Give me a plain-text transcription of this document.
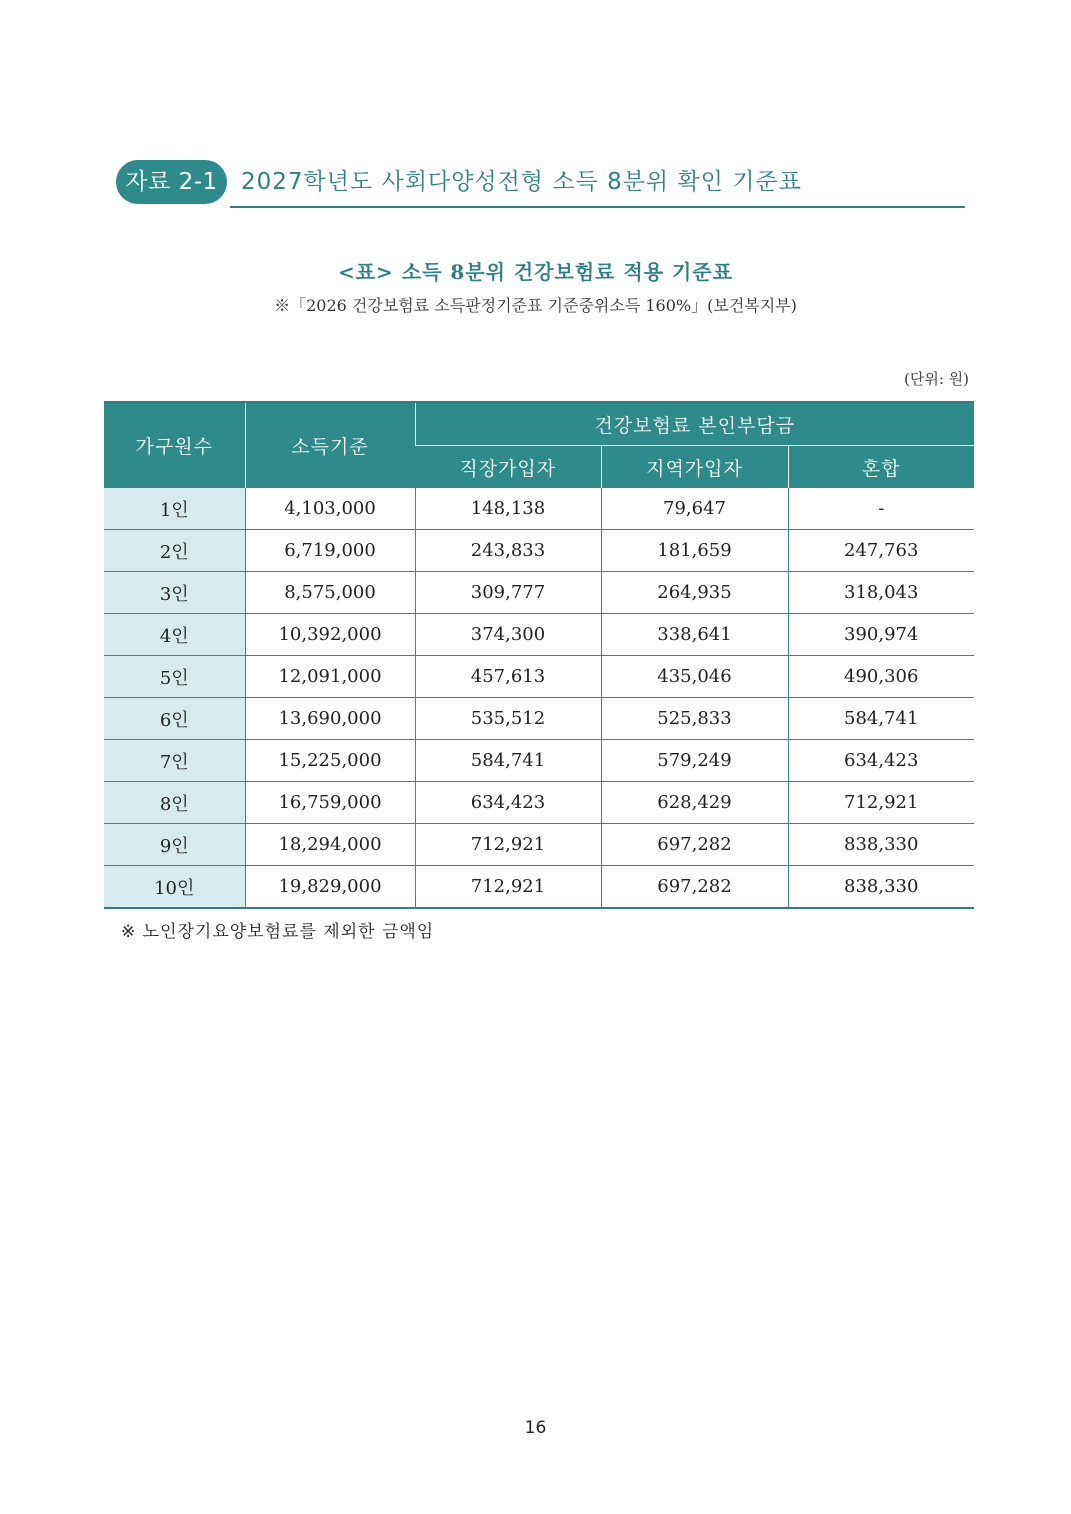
자료 2-1	2027학년도 사회다양성전형 소득 8분위 확인 기준표
<표> 소득 8분위 건강보험료 적용 기준표
※「2026 건강보험료 소득판정기준표 기준중위소득 160%」(보건복지부)
(단위: 원)
가구원수	소득기준	건강보험료 본인부담금		
		직장가입자	지역가입자	혼합
1인	4,103,000	148,138	79,647	-
2인	6,719,000	243,833	181,659	247,763
3인	8,575,000	309,777	264,935	318,043
4인	10,392,000	374,300	338,641	390,974
5인	12,091,000	457,613	435,046	490,306
6인	13,690,000	535,512	525,833	584,741
7인	15,225,000	584,741	579,249	634,423
8인	16,759,000	634,423	628,429	712,921
9인	18,294,000	712,921	697,282	838,330
10인	19,829,000	712,921	697,282	838,330
※ 노인장기요양보험료를 제외한 금액임
16
